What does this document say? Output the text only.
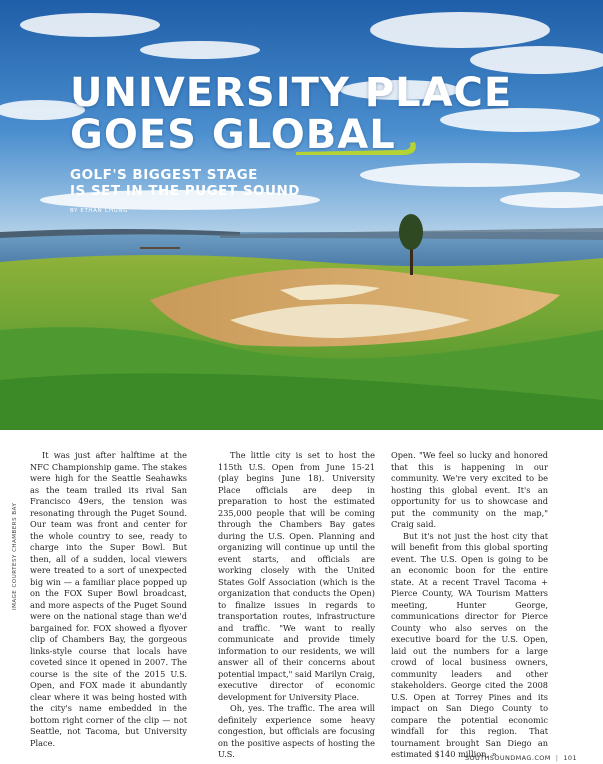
UNIVERSITY PLACE
GOES GLOBAL
GOLF'S BIGGEST STAGE
IS SET IN THE PUGET SOUND
BY ETHAN CHUNG
IMAGE COURTESY CHAMBERS BAY

It was just after halftime at the NFC Championship game. The stakes were high for the Seattle Seahawks as the team trailed its rival San Francisco 49ers, the tension was resonating through the Puget Sound. Our team was front and center for the whole country to see, ready to charge into the Super Bowl. But then, all of a sudden, local viewers were treated to a sort of unexpected big win — a familiar place popped up on the FOX Super Bowl broadcast, and more aspects of the Puget Sound were on the national stage than we'd bargained for. FOX showed a flyover clip of Chambers Bay, the gorgeous links-style course that locals have coveted since it opened in 2007. The course is the site of the 2015 U.S. Open, and FOX made it abundantly clear where it was being hosted with the city's name embedded in the bottom right corner of the clip — not Seattle, not Tacoma, but University Place.

The little city is set to host the 115th U.S. Open from June 15-21 (play begins June 18). University Place officials are deep in preparation to host the estimated 235,000 people that will be coming through the Chambers Bay gates during the U.S. Open. Planning and organizing will continue up until the event starts, and officials are working closely with the United States Golf Association (which is the organization that conducts the Open) to finalize issues in regards to transportation routes, infrastructure and traffic. "We want to really communicate and provide timely information to our residents, we will answer all of their concerns about potential impact," said Marilyn Craig, executive director of economic development for University Place.

Oh, yes. The traffic. The area will definitely experience some heavy congestion, but officials are focusing on the positive aspects of hosting the U.S.

Open. "We feel so lucky and honored that this is happening in our community. We're very excited to be hosting this global event. It's an opportunity for us to showcase and put the community on the map," Craig said.

But it's not just the host city that will benefit from this global sporting event. The U.S. Open is going to be an economic boon for the entire state. At a recent Travel Tacoma + Pierce County, WA Tourism Matters meeting, Hunter George, communications director for Pierce County who also serves on the executive board for the U.S. Open, laid out the numbers for a large crowd of local business owners, community leaders and other stakeholders. George cited the 2008 U.S. Open at Torrey Pines and its impact on San Diego County to compare the potential economic windfall for this region. That tournament brought San Diego an estimated $140 million. »

SOUTHSOUNDMAG.COM | 101
